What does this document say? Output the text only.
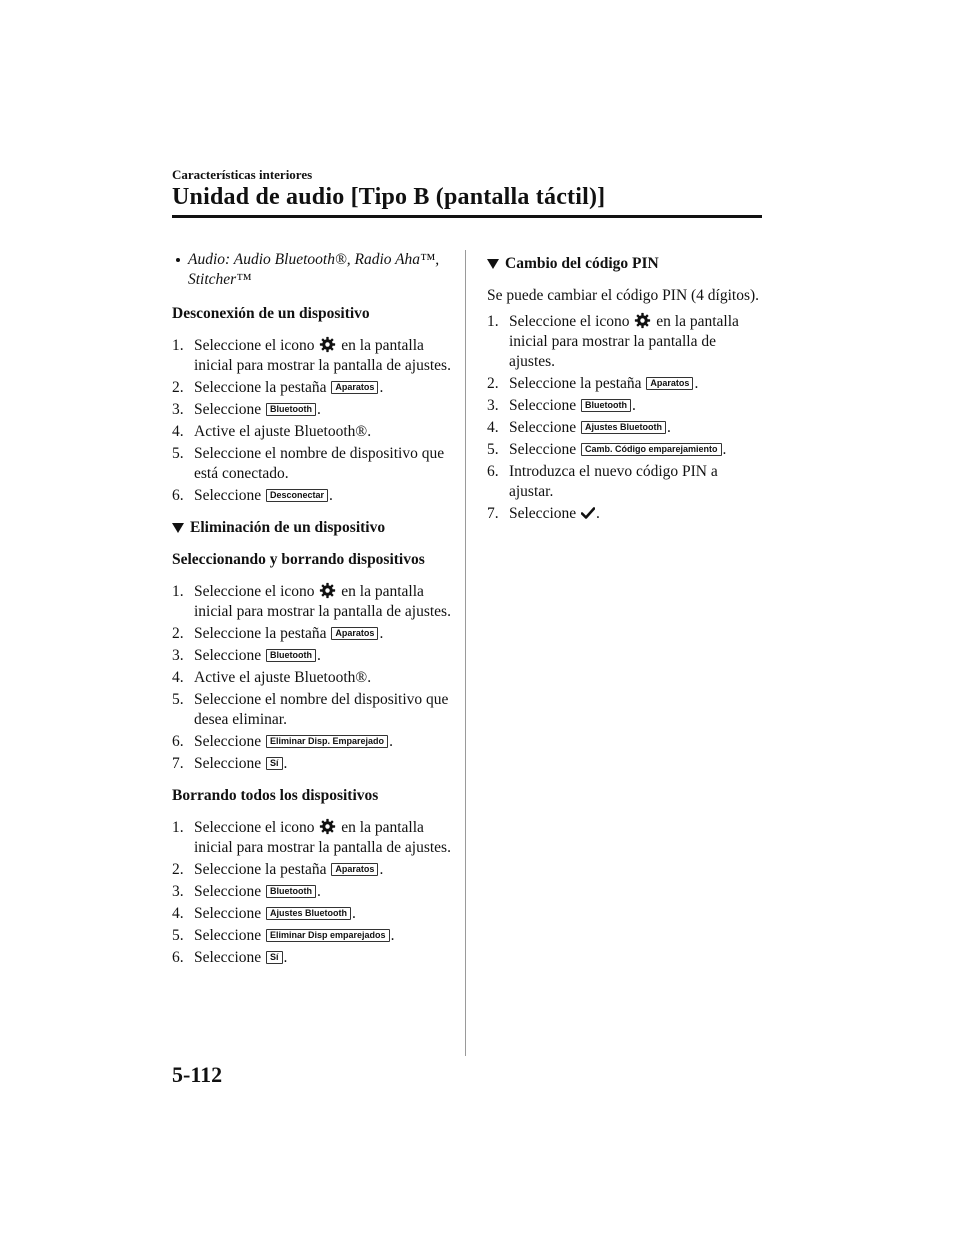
Características interiores
Unidad de audio [Tipo B (pantalla táctil)]
Audio: Audio Bluetooth®, Radio Aha™, Stitcher™
Desconexión de un dispositivo
1. Seleccione el icono en la pantalla inicial para mostrar la pantalla de ajustes.
2. Seleccione la pestaña Aparatos .
3. Seleccione Bluetooth .
4. Active el ajuste Bluetooth®.
5. Seleccione el nombre de dispositivo que está conectado.
6. Seleccione Desconectar .
Eliminación de un dispositivo
Seleccionando y borrando dispositivos
1. Seleccione el icono en la pantalla inicial para mostrar la pantalla de ajustes.
2. Seleccione la pestaña Aparatos .
3. Seleccione Bluetooth .
4. Active el ajuste Bluetooth®.
5. Seleccione el nombre del dispositivo que desea eliminar.
6. Seleccione Eliminar Disp. Emparejado .
7. Seleccione Sí .
Borrando todos los dispositivos
1. Seleccione el icono en la pantalla inicial para mostrar la pantalla de ajustes.
2. Seleccione la pestaña Aparatos .
3. Seleccione Bluetooth .
4. Seleccione Ajustes Bluetooth .
5. Seleccione Eliminar Disp emparejados .
6. Seleccione Sí .
Cambio del código PIN

Se puede cambiar el código PIN (4 dígitos).

1. Seleccione el icono en la pantalla inicial para mostrar la pantalla de ajustes.
2. Seleccione la pestaña Aparatos .
3. Seleccione Bluetooth .
4. Seleccione Ajustes Bluetooth .
5. Seleccione Camb. Código emparejamiento .
6. Introduzca el nuevo código PIN a ajustar.
7. Seleccione .
5-112
